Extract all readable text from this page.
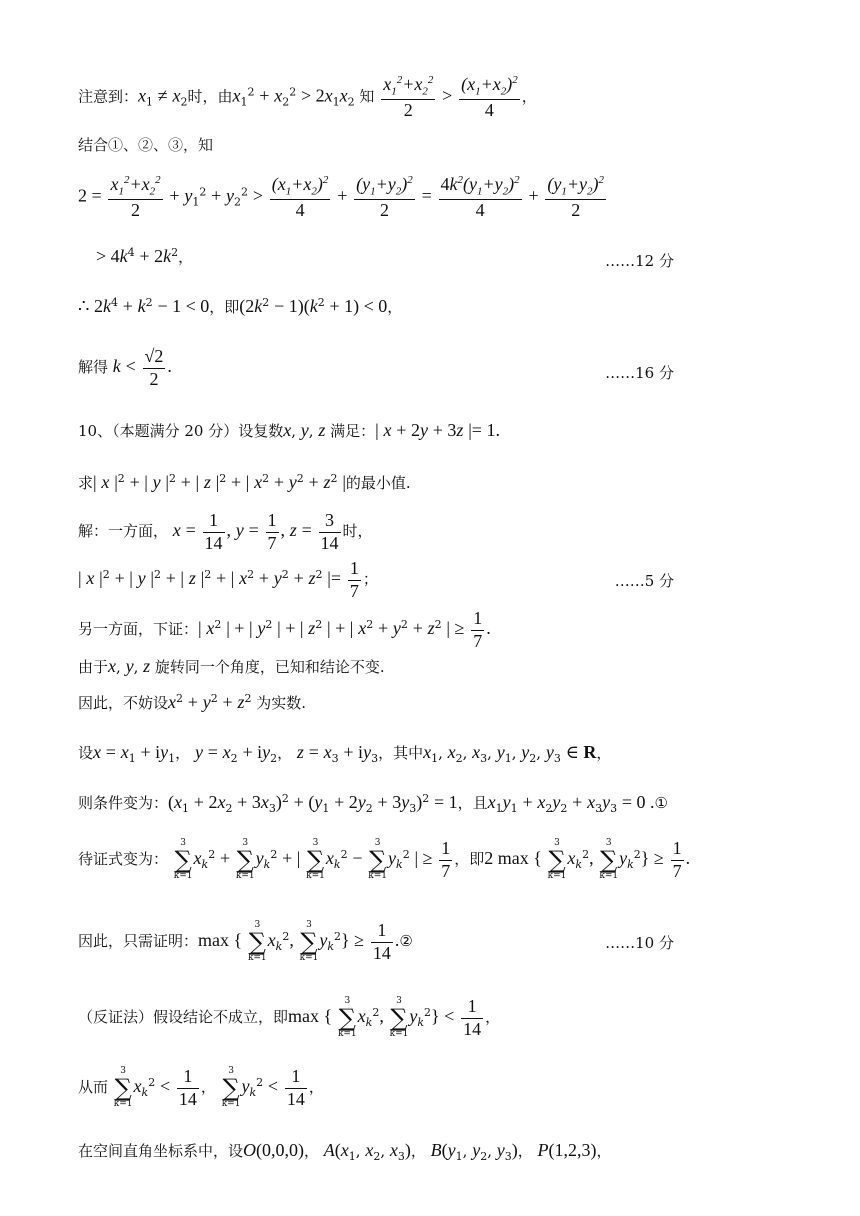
注意到：$x_1 \ne x_2$时，由$x_1^2 + x_2^2 > 2x_1x_2$ 知 $\frac{x_1^2+x_2^2}{2} > \frac{(x_1+x_2)^2}{4}$ ，
结合①、②、③，知
$2 = \frac{x_1^2+x_2^2}{2} + y_1^2 + y_2^2 > \frac{(x_1+x_2)^2}{4} + \frac{(y_1+y_2)^2}{2} = \frac{4k^2(y_1+y_2)^2}{4} + \frac{(y_1+y_2)^2}{2}$
> $4k^4 + 2k^2$，	……12 分
∴ $2k^4 + k^2 - 1 < 0$，即$(2k^2 - 1)(k^2 + 1) < 0$，
解得 $k < \frac{√2}{2}$ .	……16 分
10、（本题满分 20 分）设复数x, y, z 满足：| x + 2y + 3z |= 1.
求| x $|^2$ + | y $|^2$ + | z $|^2$ + | $x^2 + y^2 + z^2$ |的最小值.
解：一方面， $x = \frac{1}{14}$ , $y = \frac{1}{7}$ , $z = \frac{3}{14}$ 时，
| x $|^2$ + | y $|^2$ + | z $|^2$ + | $x^2 + y^2 + z^2$ |= $\frac{1}{7}$ ；	……5 分
另一方面，下证：| $x^2$ | + | $y^2$ | + | $z^2$ | + | $x^2 + y^2 + z^2$ | ≥ $\frac{1}{7}$ .
由于x, y, z 旋转同一个角度，已知和结论不变.
因此，不妨设$x^2 + y^2 + z^2$ 为实数.
设$x = x_1 + iy_1$， $y = x_2 + iy_2$， $z = x_3 + iy_3$，其中$x_1$, $x_2$, $x_3$, $y_1$, $y_2$, $y_3$ ∈ R，
则条件变为：$(x_1 + 2x_2 + 3x_3)^2 + (y_1 + 2y_2 + 3y_3)^2 = 1$，且$x_1y_1 + x_2y_2 + x_3y_3 = 0$ .①
待证式变为：
3
∑
k=1
$x_k^2$ +
3
∑
k=1
$y_k^2$ + |
3
∑
k=1
$x_k^2$ −
3
∑
k=1
$y_k^2$ | ≥ $\frac{1}{7}$ ，即2 max {
3
∑
k=1
$x_k^2$,
3
∑
k=1
$y_k^2\} \ge \frac{1}{7}$ .
因此，只需证明：max {
3
∑
k=1
$x_k^2$,
3
∑
k=1
$y_k^2\} \ge \frac{1}{14}$ .②	……10 分
（反证法）假设结论不成立，即max {
3
∑
k=1
$x_k^2$,
3
∑
k=1
$y_k^2\} < \frac{1}{14}$ ，
从而
3
∑
k=1
$x_k^2 < \frac{1}{14}$ ，
3
∑
k=1
$y_k^2 < \frac{1}{14}$ ，
在空间直角坐标系中，设O(0,0,0)， $A(x_1$, $x_2$, $x_3$)， $B(y_1$, $y_2$, $y_3$)， P(1,2,3)，
